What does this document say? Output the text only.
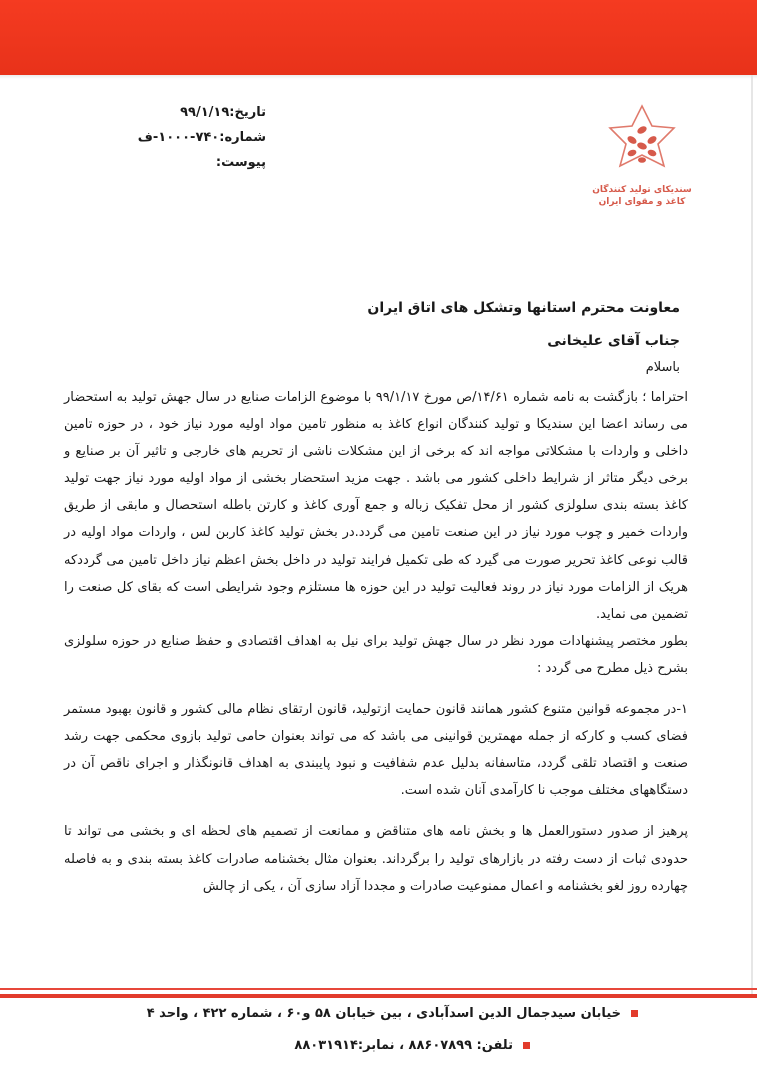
تاریخ:۹۹/۱/۱۹
شماره:۷۴۰-۱۰۰۰-ف
پیوست:
سندیکای تولید کنندگان
کاغذ و مقوای ایران
معاونت محترم استانها وتشکل های اتاق ایران
جناب آقای علیخانی
باسلام

احتراما ؛ بازگشت به نامه شماره ۱۴/۶۱/ص مورخ ۹۹/۱/۱۷ با موضوع الزامات صنایع در سال جهش تولید به استحضار می رساند اعضا این سندیکا و تولید کنندگان انواع کاغذ به منظور تامین مواد اولیه مورد نیاز خود ، در حوزه تامین داخلی و واردات با مشکلاتی مواجه اند که برخی از این مشکلات ناشی از تحریم های خارجی و تاثیر آن بر صنایع و برخی دیگر متاثر از شرایط داخلی کشور می باشد . جهت مزید استحضار بخشی از مواد اولیه مورد نیاز جهت تولید کاغذ بسته بندی سلولزی کشور از محل تفکیک زباله و جمع آوری کاغذ و کارتن باطله استحصال و مابقی از طریق واردات خمیر و چوب مورد نیاز در این صنعت تامین می گردد.در بخش تولید کاغذ کاربن لس ، واردات مواد اولیه در قالب نوعی کاغذ تحریر صورت می گیرد که طی تکمیل فرایند تولید در داخل بخش اعظم نیاز داخل تامین می گرددکه هریک از الزامات مورد نیاز در روند فعالیت تولید در این حوزه ها مستلزم وجود شرایطی است که بقای کل صنعت را تضمین می نماید.

بطور مختصر پیشنهادات مورد نظر در سال جهش تولید برای نیل به اهداف اقتصادی و حفظ صنایع در حوزه سلولزی بشرح ذیل مطرح می گردد :

۱-در مجموعه قوانین متنوع کشور همانند قانون حمایت ازتولید، قانون ارتقای نظام مالی کشور و قانون بهبود مستمر فضای کسب و کارکه از جمله مهمترین قوانینی می باشد که می تواند بعنوان حامی تولید بازوی محکمی جهت رشد صنعت و اقتصاد تلقی گردد، متاسفانه بدلیل عدم شفافیت و نبود پایبندی به اهداف قانونگذار و اجرای ناقص آن در دستگاههای مختلف موجب نا کارآمدی آنان شده است.

پرهیز از صدور دستورالعمل ها و بخش نامه های متناقض و ممانعت از تصمیم های لحظه ای و بخشی می تواند تا حدودی ثبات از دست رفته در بازارهای تولید را برگرداند. بعنوان مثال بخشنامه صادرات کاغذ بسته بندی و به فاصله چهارده روز لغو بخشنامه و اعمال ممنوعیت صادرات و مجددا آزاد سازی آن ، یکی از چالش

خیابان سیدجمال الدین اسدآبادی ، بین خیابان ۵۸ و۶۰ ، شماره ۴۲۲ ، واحد ۴
تلفن: ۸۸۶۰۷۸۹۹ ، نمابر:۸۸۰۳۱۹۱۴
